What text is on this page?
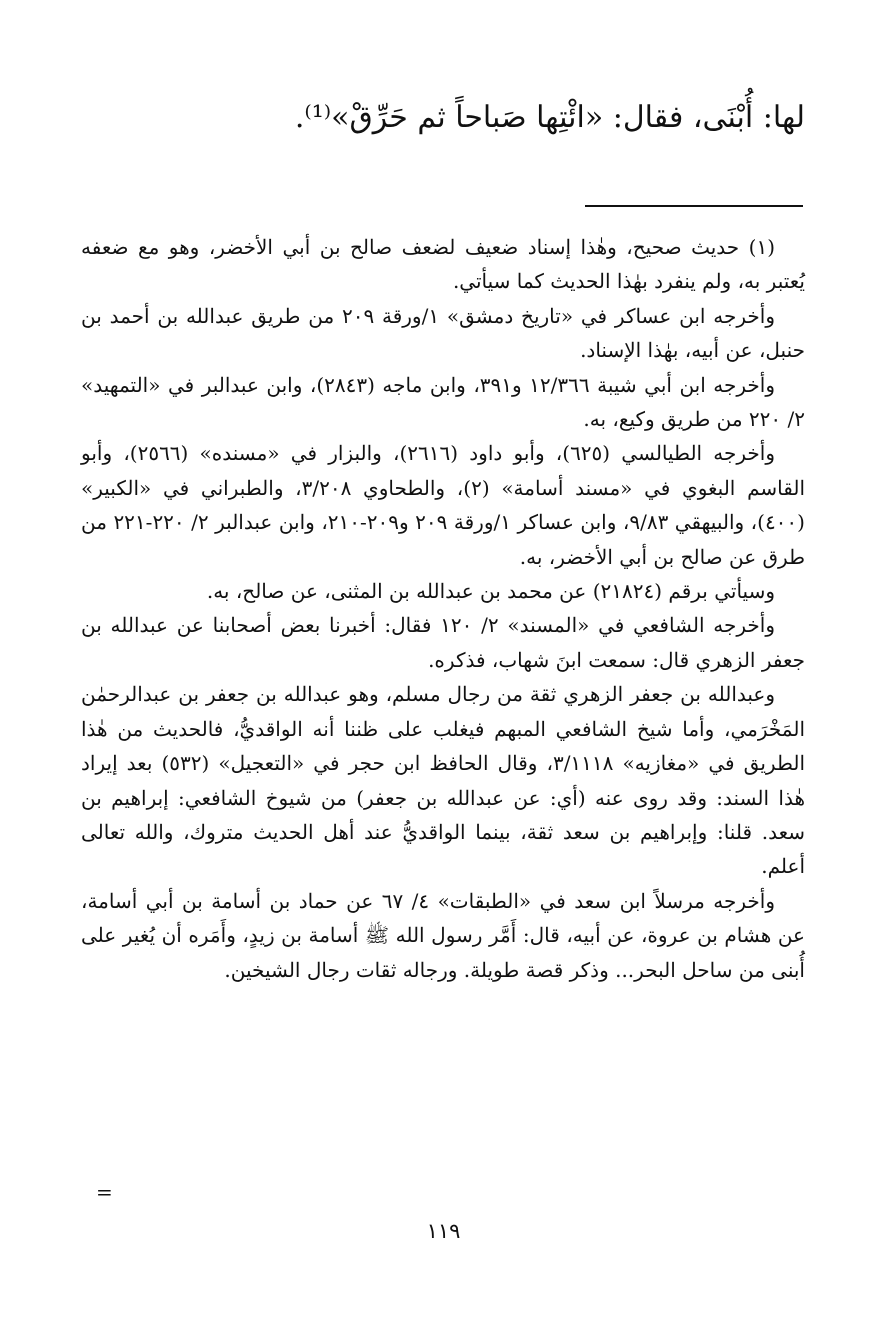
لها: أُبْنَى، فقال: «ائْتِها صَباحاً ثم حَرِّقْ»⁽¹⁾.

(١) حديث صحيح، وهٰذا إسناد ضعيف لضعف صالح بن أبي الأخضر، وهو مع ضعفه يُعتبر به، ولم ينفرد بهٰذا الحديث كما سيأتي.

وأخرجه ابن عساكر في «تاريخ دمشق» ١/ورقة ٢٠٩ من طريق عبدالله بن أحمد بن حنبل، عن أبيه، بهٰذا الإسناد.

وأخرجه ابن أبي شيبة ١٢/٣٦٦ و٣٩١، وابن ماجه (٢٨٤٣)، وابن عبدالبر في «التمهيد» ٢/ ٢٢٠ من طريق وكيع، به.

وأخرجه الطيالسي (٦٢٥)، وأبو داود (٢٦١٦)، والبزار في «مسنده» (٢٥٦٦)، وأبو القاسم البغوي في «مسند أسامة» (٢)، والطحاوي ٣/٢٠٨، والطبراني في «الكبير» (٤٠٠)، والبيهقي ٩/٨٣، وابن عساكر ١/ورقة ٢٠٩ و٢٠٩-٢١٠، وابن عبدالبر ٢/ ٢٢٠-٢٢١ من طرق عن صالح بن أبي الأخضر، به.

وسيأتي برقم (٢١٨٢٤) عن محمد بن عبدالله بن المثنى، عن صالح، به.

وأخرجه الشافعي في «المسند» ٢/ ١٢٠ فقال: أخبرنا بعض أصحابنا عن عبدالله بن جعفر الزهري قال: سمعت ابنَ شهاب، فذكره.

وعبدالله بن جعفر الزهري ثقة من رجال مسلم، وهو عبدالله بن جعفر بن عبدالرحمٰن المَخْرَمي، وأما شيخ الشافعي المبهم فيغلب على ظننا أنه الواقديُّ، فالحديث من هٰذا الطريق في «مغازيه» ٣/١١١٨، وقال الحافظ ابن حجر في «التعجيل» (٥٣٢) بعد إيراد هٰذا السند: وقد روى عنه (أي: عن عبدالله بن جعفر) من شيوخ الشافعي: إبراهيم بن سعد. قلنا: وإبراهيم بن سعد ثقة، بينما الواقديُّ عند أهل الحديث متروك، والله تعالى أعلم.

وأخرجه مرسلاً ابن سعد في «الطبقات» ٤/ ٦٧ عن حماد بن أسامة بن أبي أسامة، عن هشام بن عروة، عن أبيه، قال: أَمَّر رسول الله ﷺ أسامة بن زيدٍ، وأَمَره أن يُغير على أُبنى من ساحل البحر... وذكر قصة طويلة. ورجاله ثقات رجال الشيخين.

=
١١٩
